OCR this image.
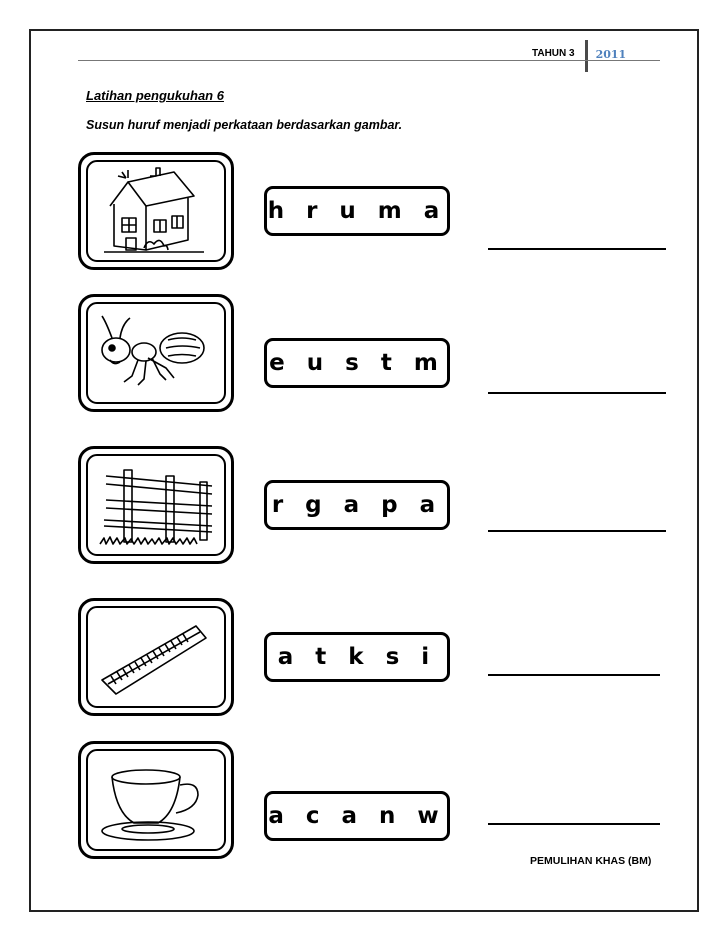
TAHUN 3	2011
Latihan pengukuhan 6
Susun huruf menjadi perkataan berdasarkan gambar.
h r u m a
e u s t m
r g a p a
a t k s i
a c a n w
PEMULIHAN KHAS (BM)
